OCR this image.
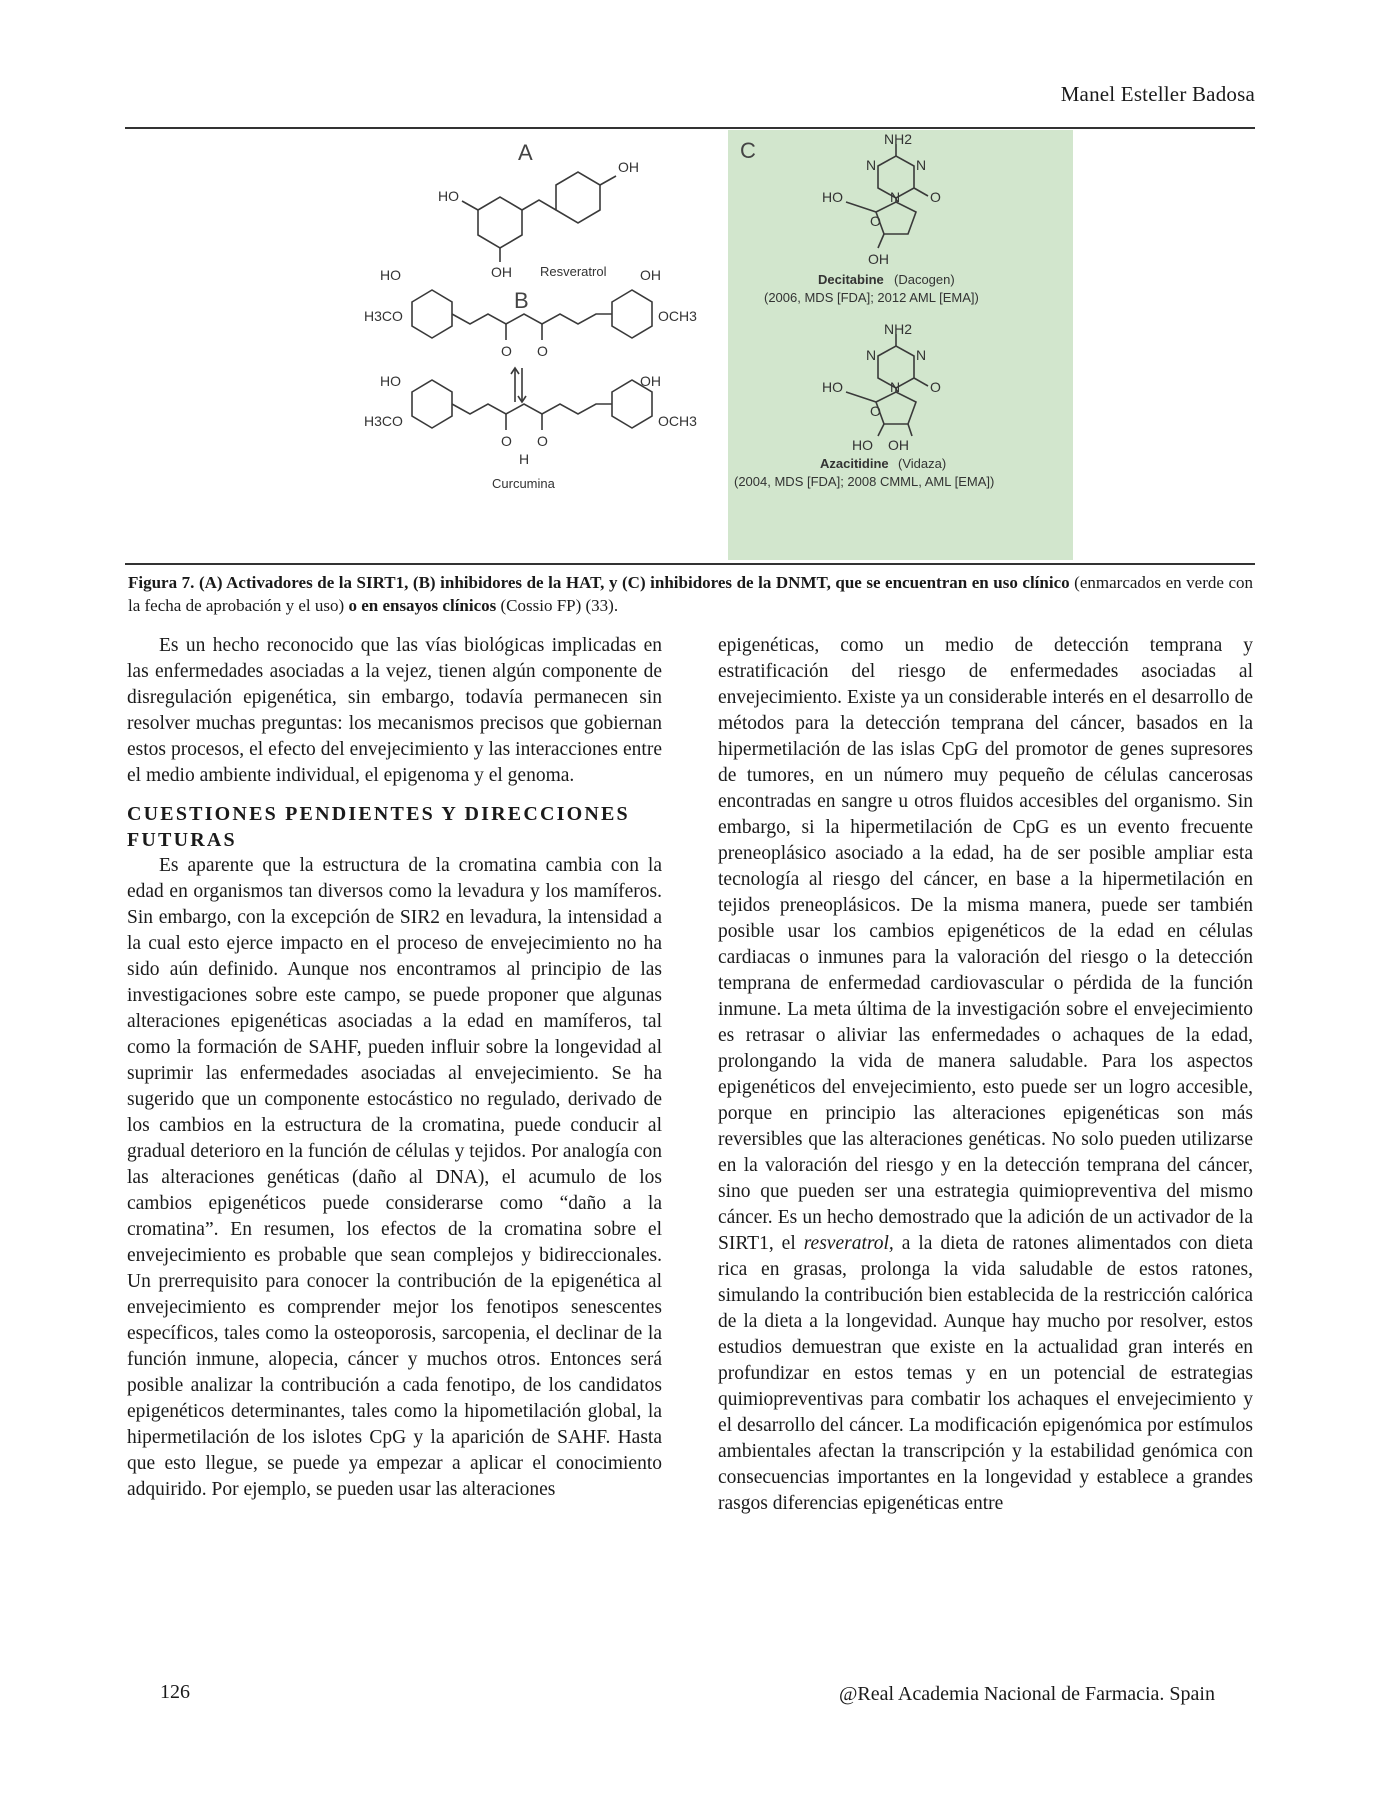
Manel Esteller Badosa
A
OH
HO
OH Resveratrol
B
HO	OH
H3CO	OCH3
O O
HO	OH
H3CO	OCH3
O O
H
Curcumina
C	NH2
N	N
N O
HO
O
OH
Decitabine (Dacogen)
(2006, MDS [FDA]; 2012 AML [EMA])
NH2
N	N
N O
HO
O
HO OH
Azacitidine (Vidaza)
(2004, MDS [FDA]; 2008 CMML, AML [EMA])
Figura 7. (A) Activadores de la SIRT1, (B) inhibidores de la HAT, y (C) inhibidores de la DNMT, que se encuentran en uso clínico (enmarcados en verde con la fecha de aprobación y el uso) o en ensayos clínicos (Cossio FP) (33).

Es un hecho reconocido que las vías biológicas implicadas en las enfermedades asociadas a la vejez, tienen algún componente de disregulación epigenética, sin embargo, todavía permanecen sin resolver muchas preguntas: los mecanismos precisos que gobiernan estos procesos, el efecto del envejecimiento y las interacciones entre el medio ambiente individual, el epigenoma y el genoma.

CUESTIONES PENDIENTES Y DIRECCIONES FUTURAS

Es aparente que la estructura de la cromatina cambia con la edad en organismos tan diversos como la levadura y los mamíferos. Sin embargo, con la excepción de SIR2 en levadura, la intensidad a la cual esto ejerce impacto en el proceso de envejecimiento no ha sido aún definido. Aunque nos encontramos al principio de las investigaciones sobre este campo, se puede proponer que algunas alteraciones epigenéticas asociadas a la edad en mamíferos, tal como la formación de SAHF, pueden influir sobre la longevidad al suprimir las enfermedades asociadas al envejecimiento. Se ha sugerido que un componente estocástico no regulado, derivado de los cambios en la estructura de la cromatina, puede conducir al gradual deterioro en la función de células y tejidos. Por analogía con las alteraciones genéticas (daño al DNA), el acumulo de los cambios epigenéticos puede considerarse como “daño a la cromatina”. En resumen, los efectos de la cromatina sobre el envejecimiento es probable que sean complejos y bidireccionales. Un prerrequisito para conocer la contribución de la epigenética al envejecimiento es comprender mejor los fenotipos senescentes específicos, tales como la osteoporosis, sarcopenia, el declinar de la función inmune, alopecia, cáncer y muchos otros. Entonces será posible analizar la contribución a cada fenotipo, de los candidatos epigenéticos determinantes, tales como la hipometilación global, la hipermetilación de los islotes CpG y la aparición de SAHF. Hasta que esto llegue, se puede ya empezar a aplicar el conocimiento adquirido. Por ejemplo, se pueden usar las alteraciones

epigenéticas, como un medio de detección temprana y estratificación del riesgo de enfermedades asociadas al envejecimiento. Existe ya un considerable interés en el desarrollo de métodos para la detección temprana del cáncer, basados en la hipermetilación de las islas CpG del promotor de genes supresores de tumores, en un número muy pequeño de células cancerosas encontradas en sangre u otros fluidos accesibles del organismo. Sin embargo, si la hipermetilación de CpG es un evento frecuente preneoplásico asociado a la edad, ha de ser posible ampliar esta tecnología al riesgo del cáncer, en base a la hipermetilación en tejidos preneoplásicos. De la misma manera, puede ser también posible usar los cambios epigenéticos de la edad en células cardiacas o inmunes para la valoración del riesgo o la detección temprana de enfermedad cardiovascular o pérdida de la función inmune. La meta última de la investigación sobre el envejecimiento es retrasar o aliviar las enfermedades o achaques de la edad, prolongando la vida de manera saludable. Para los aspectos epigenéticos del envejecimiento, esto puede ser un logro accesible, porque en principio las alteraciones epigenéticas son más reversibles que las alteraciones genéticas. No solo pueden utilizarse en la valoración del riesgo y en la detección temprana del cáncer, sino que pueden ser una estrategia quimiopreventiva del mismo cáncer. Es un hecho demostrado que la adición de un activador de la SIRT1, el resveratrol, a la dieta de ratones alimentados con dieta rica en grasas, prolonga la vida saludable de estos ratones, simulando la contribución bien establecida de la restricción calórica de la dieta a la longevidad. Aunque hay mucho por resolver, estos estudios demuestran que existe en la actualidad gran interés en profundizar en estos temas y en un potencial de estrategias quimiopreventivas para combatir los achaques el envejecimiento y el desarrollo del cáncer. La modificación epigenómica por estímulos ambientales afectan la transcripción y la estabilidad genómica con consecuencias importantes en la longevidad y establece a grandes rasgos diferencias epigenéticas entre

126	@Real Academia Nacional de Farmacia. Spain
